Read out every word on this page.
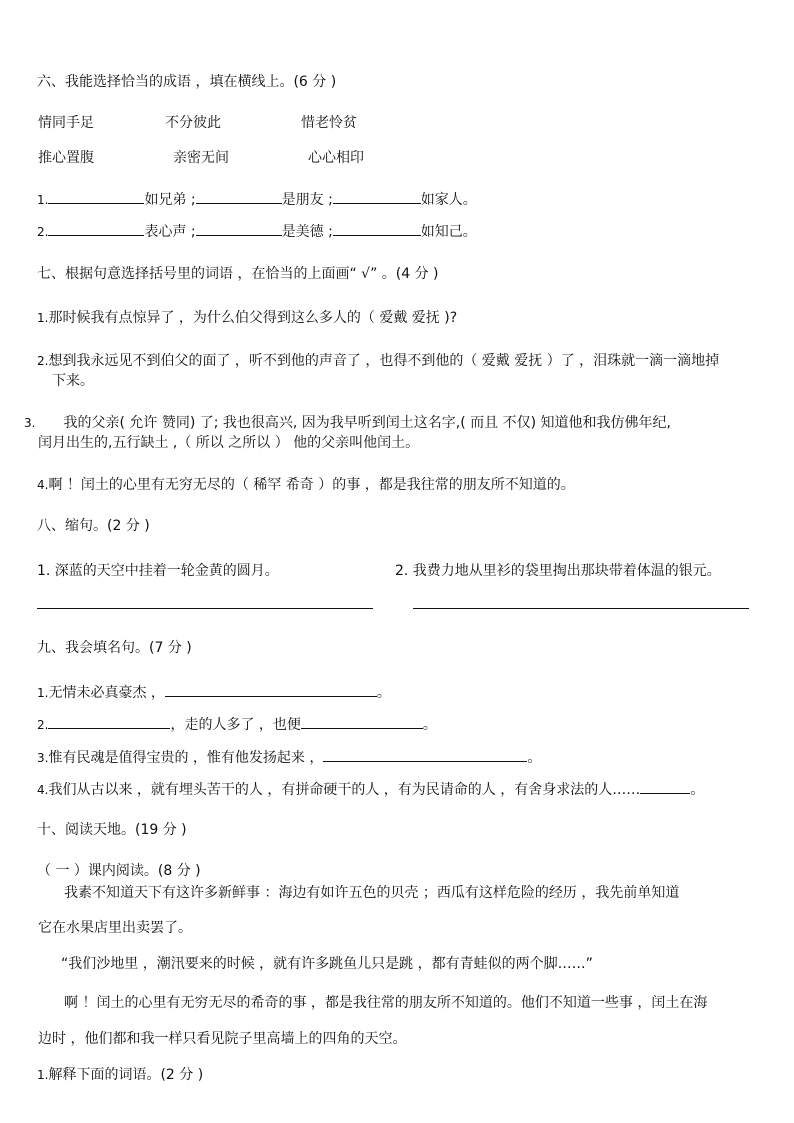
六、我能选择恰当的成语 ，填在横线上。(6 分 )
情同手足	不分彼此	惜老怜贫
推心置腹	亲密无间	心心相印
1.	如兄弟 ;	是朋友 ;	如家人。
2.	表心声 ;	是美德 ;	如知己。
七、根据句意选择括号里的词语 ，在恰当的上面画“ √” 。(4 分 )
1.那时候我有点惊异了 ，为什么伯父得到这么多人的（ 爱戴 爱抚 )?
2.想到我永远见不到伯父的面了 ，听不到他的声音了 ，也得不到他的（ 爱戴 爱抚 ）了 ，泪珠就一滴一滴地掉
下来。
3. 我的父亲( 允许 赞同) 了; 我也很高兴, 因为我早听到闰土这名字,( 而且 不仅) 知道他和我仿佛年纪,
闰月出生的,五行缺土 ,（ 所以 之所以 ） 他的父亲叫他闰土。
4.啊 ！闰土的心里有无穷无尽的（ 稀罕 希奇 ）的事 ，都是我往常的朋友所不知道的。
八、缩句。(2 分 )
1. 深蓝的天空中挂着一轮金黄的圆月。	2. 我费力地从里衫的袋里掏出那块带着体温的银元。
九、我会填名句。(7 分 )
1.无情未必真豪杰 ，	。
2.	，走的人多了 ，也便	。
3.惟有民魂是值得宝贵的 ，惟有他发扬起来 ，	。
4.我们从古以来 ，就有埋头苦干的人 ，有拼命硬干的人 ，有为民请命的人 ，有舍身求法的人……	。
十、阅读天地。(19 分 )
（ 一 ）课内阅读。(8 分 )
我素不知道天下有这许多新鲜事 ：海边有如许五色的贝壳 ；西瓜有这样危险的经历 ，我先前单知道
它在水果店里出卖罢了。
“我们沙地里 ，潮汛要来的时候 ，就有许多跳鱼儿只是跳 ，都有青蛙似的两个脚……”
啊 ！闰土的心里有无穷无尽的希奇的事 ，都是我往常的朋友所不知道的。他们不知道一些事 ，闰土在海
边时 ，他们都和我一样只看见院子里高墙上的四角的天空。
1.解释下面的词语。(2 分 )
